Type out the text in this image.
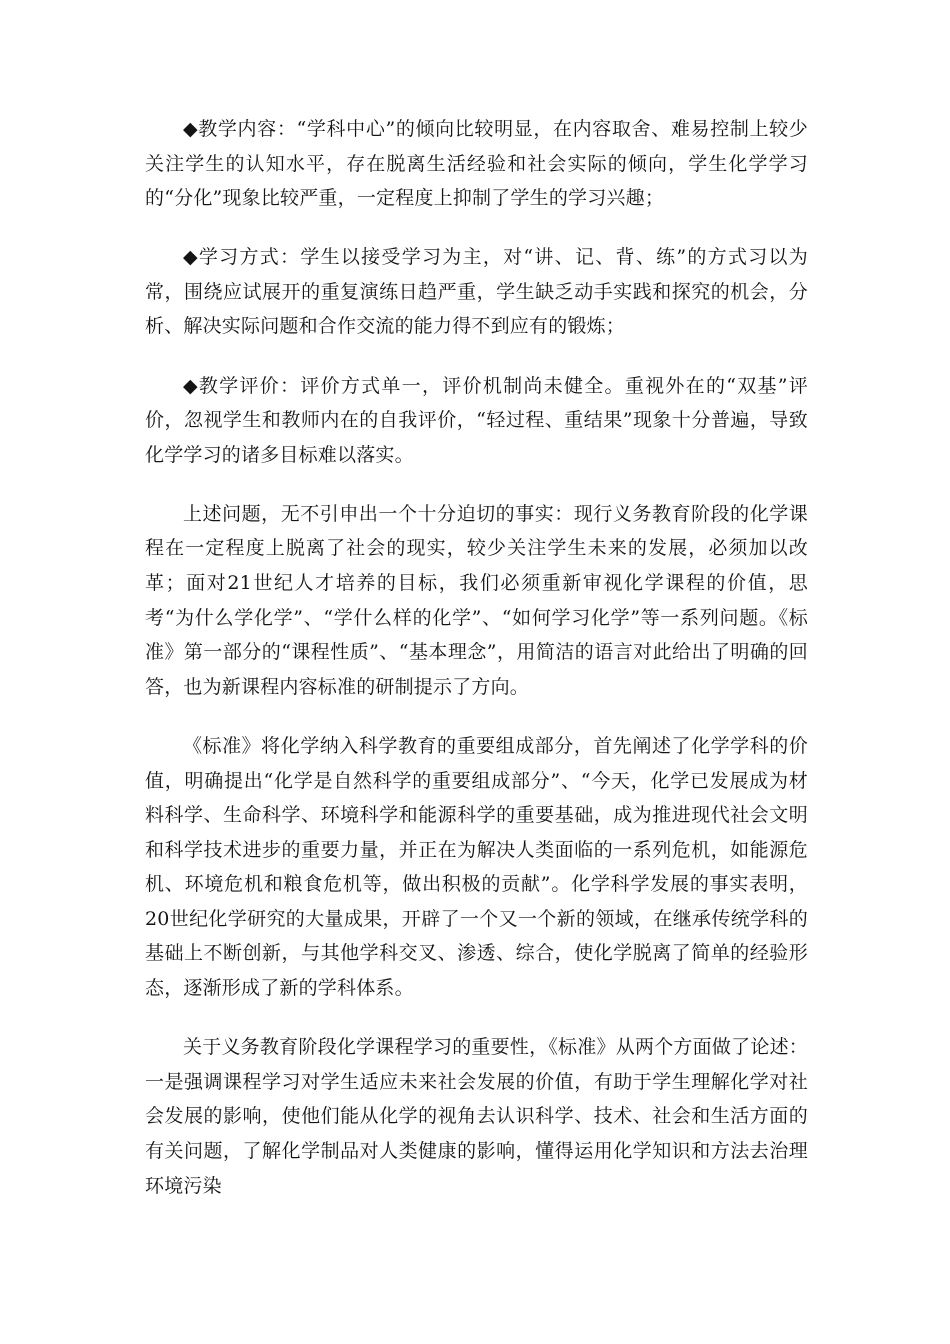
◆教学内容：“学科中心”的倾向比较明显，在内容取舍、难易控制上较少关注学生的认知水平，存在脱离生活经验和社会实际的倾向，学生化学学习的“分化”现象比较严重，一定程度上抑制了学生的学习兴趣；

◆学习方式：学生以接受学习为主，对“讲、记、背、练”的方式习以为常，围绕应试展开的重复演练日趋严重，学生缺乏动手实践和探究的机会，分析、解决实际问题和合作交流的能力得不到应有的锻炼；

◆教学评价：评价方式单一，评价机制尚未健全。重视外在的“双基”评价，忽视学生和教师内在的自我评价，“轻过程、重结果”现象十分普遍，导致化学学习的诸多目标难以落实。

上述问题，无不引申出一个十分迫切的事实：现行义务教育阶段的化学课程在一定程度上脱离了社会的现实，较少关注学生未来的发展，必须加以改革；面对21世纪人才培养的目标，我们必须重新审视化学课程的价值，思考“为什么学化学”、“学什么样的化学”、“如何学习化学”等一系列问题。《标准》第一部分的“课程性质”、“基本理念”，用简洁的语言对此给出了明确的回答，也为新课程内容标准的研制提示了方向。

《标准》将化学纳入科学教育的重要组成部分，首先阐述了化学学科的价值，明确提出“化学是自然科学的重要组成部分”、“今天，化学已发展成为材料科学、生命科学、环境科学和能源科学的重要基础，成为推进现代社会文明和科学技术进步的重要力量，并正在为解决人类面临的一系列危机，如能源危机、环境危机和粮食危机等，做出积极的贡献”。化学科学发展的事实表明，20世纪化学研究的大量成果，开辟了一个又一个新的领域，在继承传统学科的基础上不断创新，与其他学科交叉、渗透、综合，使化学脱离了简单的经验形态，逐渐形成了新的学科体系。

关于义务教育阶段化学课程学习的重要性，《标准》从两个方面做了论述：一是强调课程学习对学生适应未来社会发展的价值，有助于学生理解化学对社会发展的影响，使他们能从化学的视角去认识科学、技术、社会和生活方面的有关问题，了解化学制品对人类健康的影响，懂得运用化学知识和方法去治理环境污染
